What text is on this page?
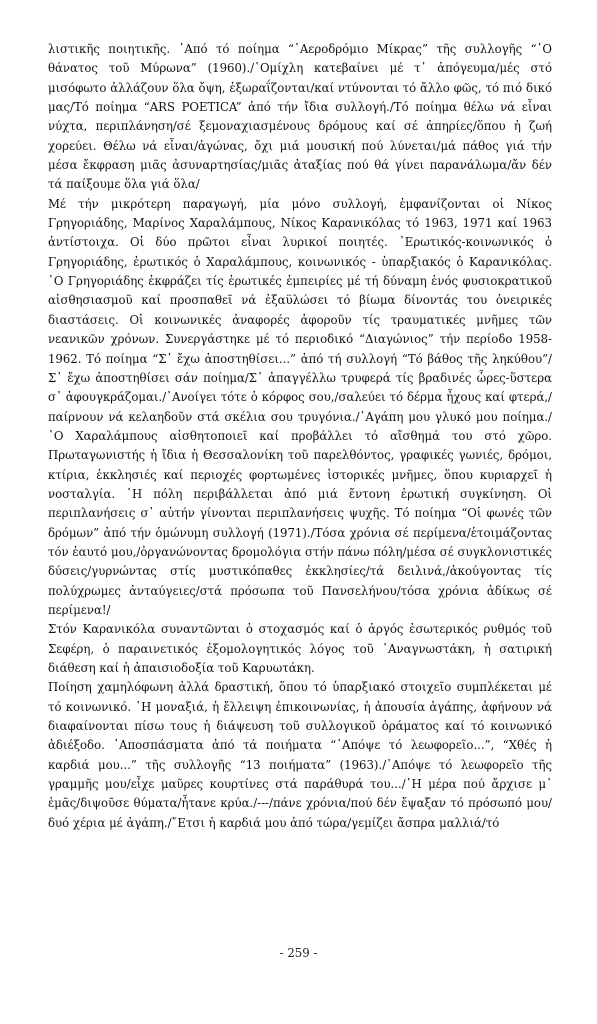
λιστικῆς ποιητικῆς. ᾿Από τό ποίημα “᾿Αεροδρόμιο Μίκρας” τῆς συλλογῆς “῾Ο θάνατος τοῦ Μύρωνα” (1960)./῾Ομίχλη κατεβαίνει μέ τ᾿ ἀπόγευμα/μές στό μισόφωτο ἀλλάζουν ὅλα ὄψη, ἐξωραΐζονται/καί ντύνονται τό ἄλλο φῶς, τό πιό δικό μας/Τό ποίημα “ARS POETICA” ἀπό τήν ἴδια συλλογή./Τό ποίημα θέλω νά εἶναι νύχτα, περιπλάνηση/σέ ξεμοναχιασμένους δρόμους καί σέ ἀπηρίες/ὅπου ἡ ζωή χορεύει. Θέλω νά εἶναι/ἀγώνας, ὄχι μιά μουσική πού λύνεται/μά πάθος γιά τήν μέσα ἔκφραση μιᾶς ἀσυναρτησίας/μιᾶς ἀταξίας πού θά γίνει παρανάλωμα/ἄν δέν τά παίξουμε ὅλα γιά ὅλα/

Μέ τήν μικρότερη παραγωγή, μία μόνο συλλογή, ἐμφανίζονται οἱ Νίκος Γρηγοριάδης, Μαρίνος Χαραλάμπους, Νίκος Καρανικόλας τό 1963, 1971 καί 1963 ἀντίστοιχα. Οἱ δύο πρῶτοι εἶναι λυρικοί ποιητές. ᾿Ερωτικός-κοινωνικός ὁ Γρηγοριάδης, ἐρωτικός ὁ Χαραλάμπους, κοινωνικός - ὑπαρξιακός ὁ Καρανικόλας. ῾Ο Γρηγοριάδης ἐκφράζει τίς ἐρωτικές ἐμπειρίες μέ τή δύναμη ἑνός φυσιοκρατικοῦ αἰσθησιασμοῦ καί προσπαθεῖ νά ἐξαϋλώσει τό βίωμα δίνοντάς του ὀνειρικές διαστάσεις. Οἱ κοινωνικές ἀναφορές ἀφοροῦν τίς τραυματικές μνῆμες τῶν νεανικῶν χρόνων. Συνεργάστηκε μέ τό περιοδικό “Διαγώνιος” τήν περίοδο 1958-1962. Τό ποίημα “Σ᾿ ἔχω ἀποστηθίσει...” ἀπό τή συλλογή “Τό βάθος τῆς ληκύθου”/Σ᾿ ἔχω ἀποστηθίσει σάν ποίημα/Σ᾿ ἀπαγγέλλω τρυφερά τίς βραδινές ὧρες-ὕστερα σ᾿ ἀφουγκράζομαι./᾿Ανοίγει τότε ὁ κόρφος σου,/σαλεύει τό δέρμα ἦχους καί φτερά,/παίρνουν νά κελαηδοῦν στά σκέλια σου τρυγόνια./᾿Αγάπη μου γλυκό μου ποίημα./῾Ο Χαραλάμπους αἰσθητοποιεῖ καί προβάλλει τό αἴσθημά του στό χῶρο. Πρωταγωνιστής ἡ ἴδια ἡ Θεσσαλονίκη τοῦ παρελθόντος, γραφικές γωνιές, δρόμοι, κτίρια, ἐκκλησιές καί περιοχές φορτωμένες ἱστορικές μνῆμες, ὅπου κυριαρχεῖ ἡ νοσταλγία. ῾Η πόλη περιβάλλεται ἀπό μιά ἔντονη ἐρωτική συγκίνηση. Οἱ περιπλανήσεις σ᾿ αὐτήν γίνονται περιπλανήσεις ψυχῆς. Τό ποίημα “Οἱ φωνές τῶν δρόμων” ἀπό τήν ὁμώνυμη συλλογή (1971)./Τόσα χρόνια σέ περίμενα/ἑτοιμάζοντας τόν ἑαυτό μου,/ὀργανώνοντας δρομολόγια στήν πάνω πόλη/μέσα σέ συγκλονιστικές δύσεις/γυρνώντας στίς μυστικόπαθες ἐκκλησίες/τά δειλινά,/ἀκούγοντας τίς πολύχρωμες ἀνταύγειες/στά πρόσωπα τοῦ Πανσελήνου/τόσα χρόνια ἀδίκως σέ περίμενα!/

Στόν Καρανικόλα συναντῶνται ὁ στοχασμός καί ὁ ἀργός ἐσωτερικός ρυθμός τοῦ Σεφέρη, ὁ παραινετικός ἐξομολογητικός λόγος τοῦ ᾿Αναγνωστάκη, ἡ σατιρική διάθεση καί ἡ ἀπαισιοδοξία τοῦ Καρυωτάκη.

Ποίηση χαμηλόφωνη ἀλλά δραστική, ὅπου τό ὑπαρξιακό στοιχεῖο συμπλέκεται μέ τό κοινωνικό. ῾Η μοναξιά, ἡ ἔλλειψη ἐπικοινωνίας, ἡ ἀπουσία ἀγάπης, ἀφήνουν νά διαφαίνονται πίσω τους ἡ διάψευση τοῦ συλλογικοῦ ὁράματος καί τό κοινωνικό ἀδιέξοδο. ᾿Αποσπάσματα ἀπό τά ποιήματα “᾿Απόψε τό λεωφορεῖο...”, “Χθές ἡ καρδιά μου...” τῆς συλλογῆς “13 ποιήματα” (1963)./᾿Απόψε τό λεωφορεῖο τῆς γραμμῆς μου/εἶχε μαῦρες κουρτίνες στά παράθυρά του.../῾Η μέρα πού ἄρχισε μ᾿ ἐμᾶς/διψοῦσε θύματα/ἦτανε κρύα./---/πάνε χρόνια/πού δέν ἔψαξαν τό πρόσωπό μου/δυό χέρια μέ ἀγάπη./῎Ετσι ἡ καρδιά μου ἀπό τώρα/γεμίζει ἄσπρα μαλλιά/τό

- 259 -
